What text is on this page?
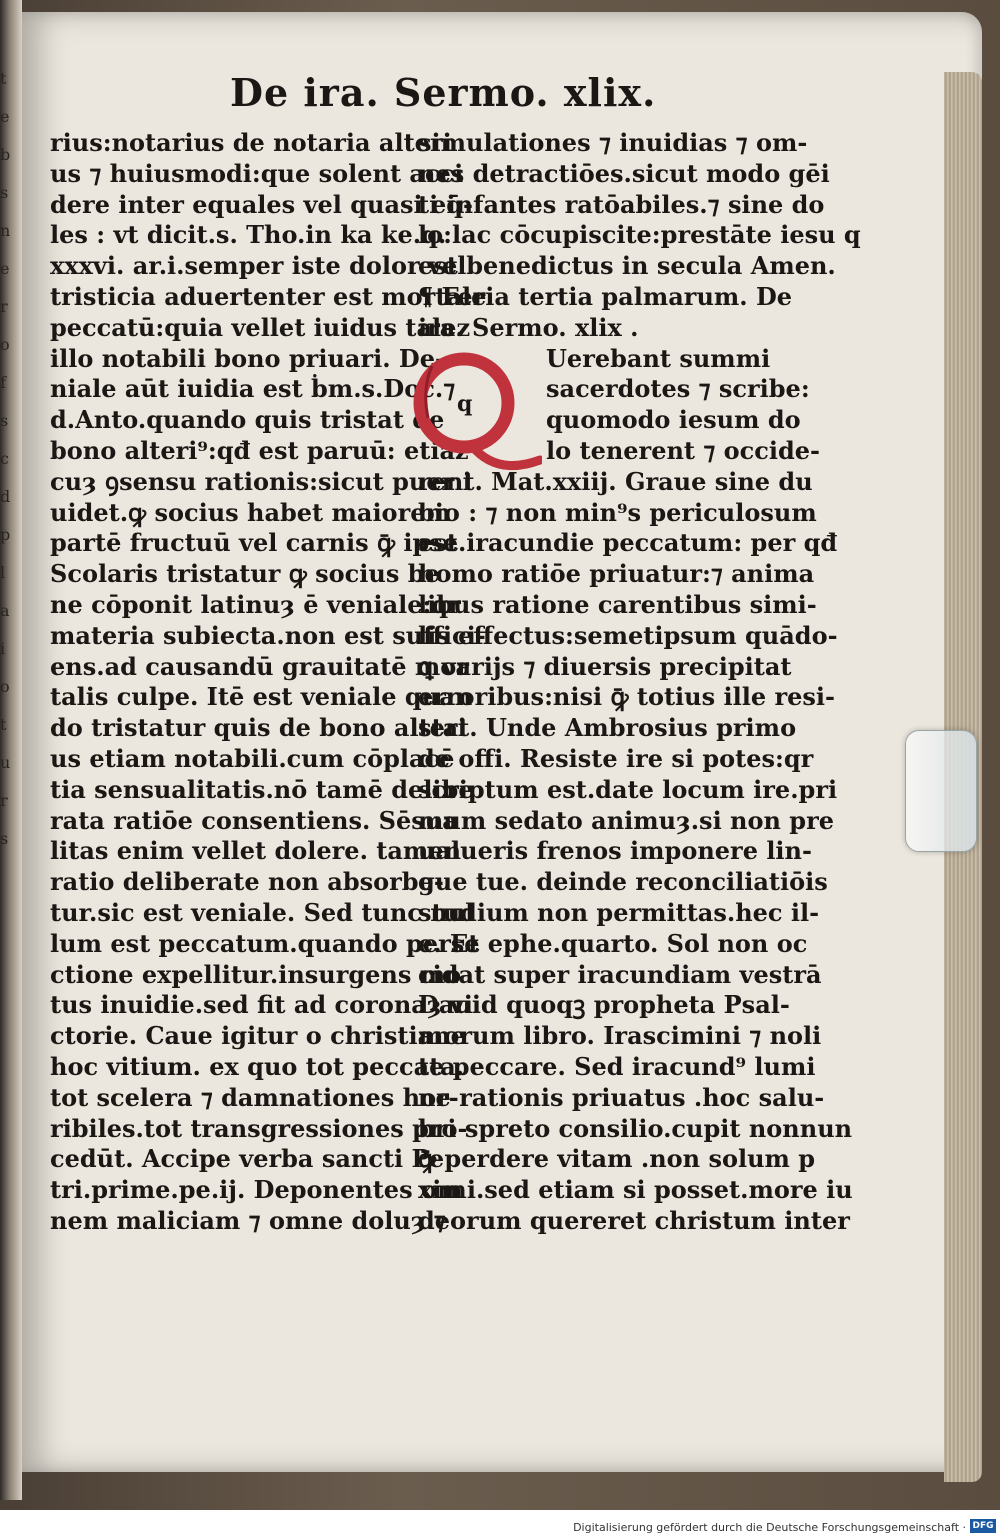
t
e
b
s
n
e
r
o
f
s
c
d
p
l
a
i
o
t
u
r
s
De ira. Sermo. xlix.
rius:notarius de notaria alteri
us ⁊ huiusmodi:que solent acci
dere inter equales vel quasi eq̄-
les : vt dicit.s. Tho.in ka ke.q.
xxxvi. ar.i.semper iste dolor vel
tristicia aduertenter est mortale
peccatū:quia vellet iuidus talez
illo notabili bono priuari. De-
niale aūt iuidia est ḃm.s.Doc.⁊
d.Anto.quando quis tristat de
bono alteri⁹:qđ est paruū: etiaz
cuȝ ꝯsensu rationis:sicut puer i
uidet.ꝙ socius habet maiorem
partē fructuū vel carnis ꝙ̄ ipse.
Scolaris tristatur ꝙ socius be
ne cōponit latinuȝ ē veniale:qr
materia subiecta.non est suffici-
ens.ad causandū grauitatē mor
talis culpe. Itē est veniale quan
do tristatur quis de bono alteri
us etiam notabili.cum cōplacē
tia sensualitatis.nō tamē delibe
rata ratiōe consentiens. Sēsua
litas enim vellet dolere. tamen
ratio deliberate non absorbe-
tur.sic est veniale. Sed tunc nul
lum est peccatum.quando perse
ctione expellitur.insurgens mo
tus inuidie.sed fit ad coronaȝ vi
ctorie. Caue igitur o christiane
hoc vitium. ex quo tot peccata.
tot scelera ⁊ damnationes hor-
ribiles.tot transgressiones pro-
cedūt. Accipe verba sancti Pe
tri.prime.pe.ij. Deponentes om
nem maliciam ⁊ omne doluȝ ⁊
simulationes ⁊ inuidias ⁊ om-
nes detractiōes.sicut modo gēi
ti infantes ratōabiles.⁊ sine do
lo:lac cōcupiscite:prestāte iesu q
est benedictus in secula Amen.
¶ Feria tertia palmarum. De
ira. Sermo. xlix .
Uerebant summi
sacerdotes ⁊ scribe:
quomodo iesum do
lo tenerent ⁊ occide-
rent. Mat.xxiij. Graue sine du
bio : ⁊ non min⁹s periculosum
est iracundie peccatum: per qđ
homo ratiōe priuatur:⁊ anima
libus ratione carentibus simi-
lis effectus:semetipsum quādo-
ꝗ varijs ⁊ diuersis precipitat
erroribus:nisi ꝙ̄ totius ille resi-
stat. Unde Ambrosius primo
de offi. Resiste ire si potes:qr
scriptum est.date locum ire.pri
mum sedato animuȝ.si non pre
ualueris frenos imponere lin-
gue tue. deinde reconciliatiōis
studium non permittas.hec il-
e. Et ephe.quarto. Sol non oc
cidat super iracundiam vestrā
Dauid quoqꝫ propheta Psal-
morum libro. Irascimini ⁊ noli
te peccare. Sed iracund⁹ lumi
ne rationis priuatus .hoc salu-
bri spreto consilio.cupit nonnun
ꝙ̄ perdere vitam .non solum p
ximi.sed etiam si posset.more iu
deorum quereret christum inter
q
Digitalisierung gefördert durch die Deutsche Forschungsgemeinschaft · DFG
